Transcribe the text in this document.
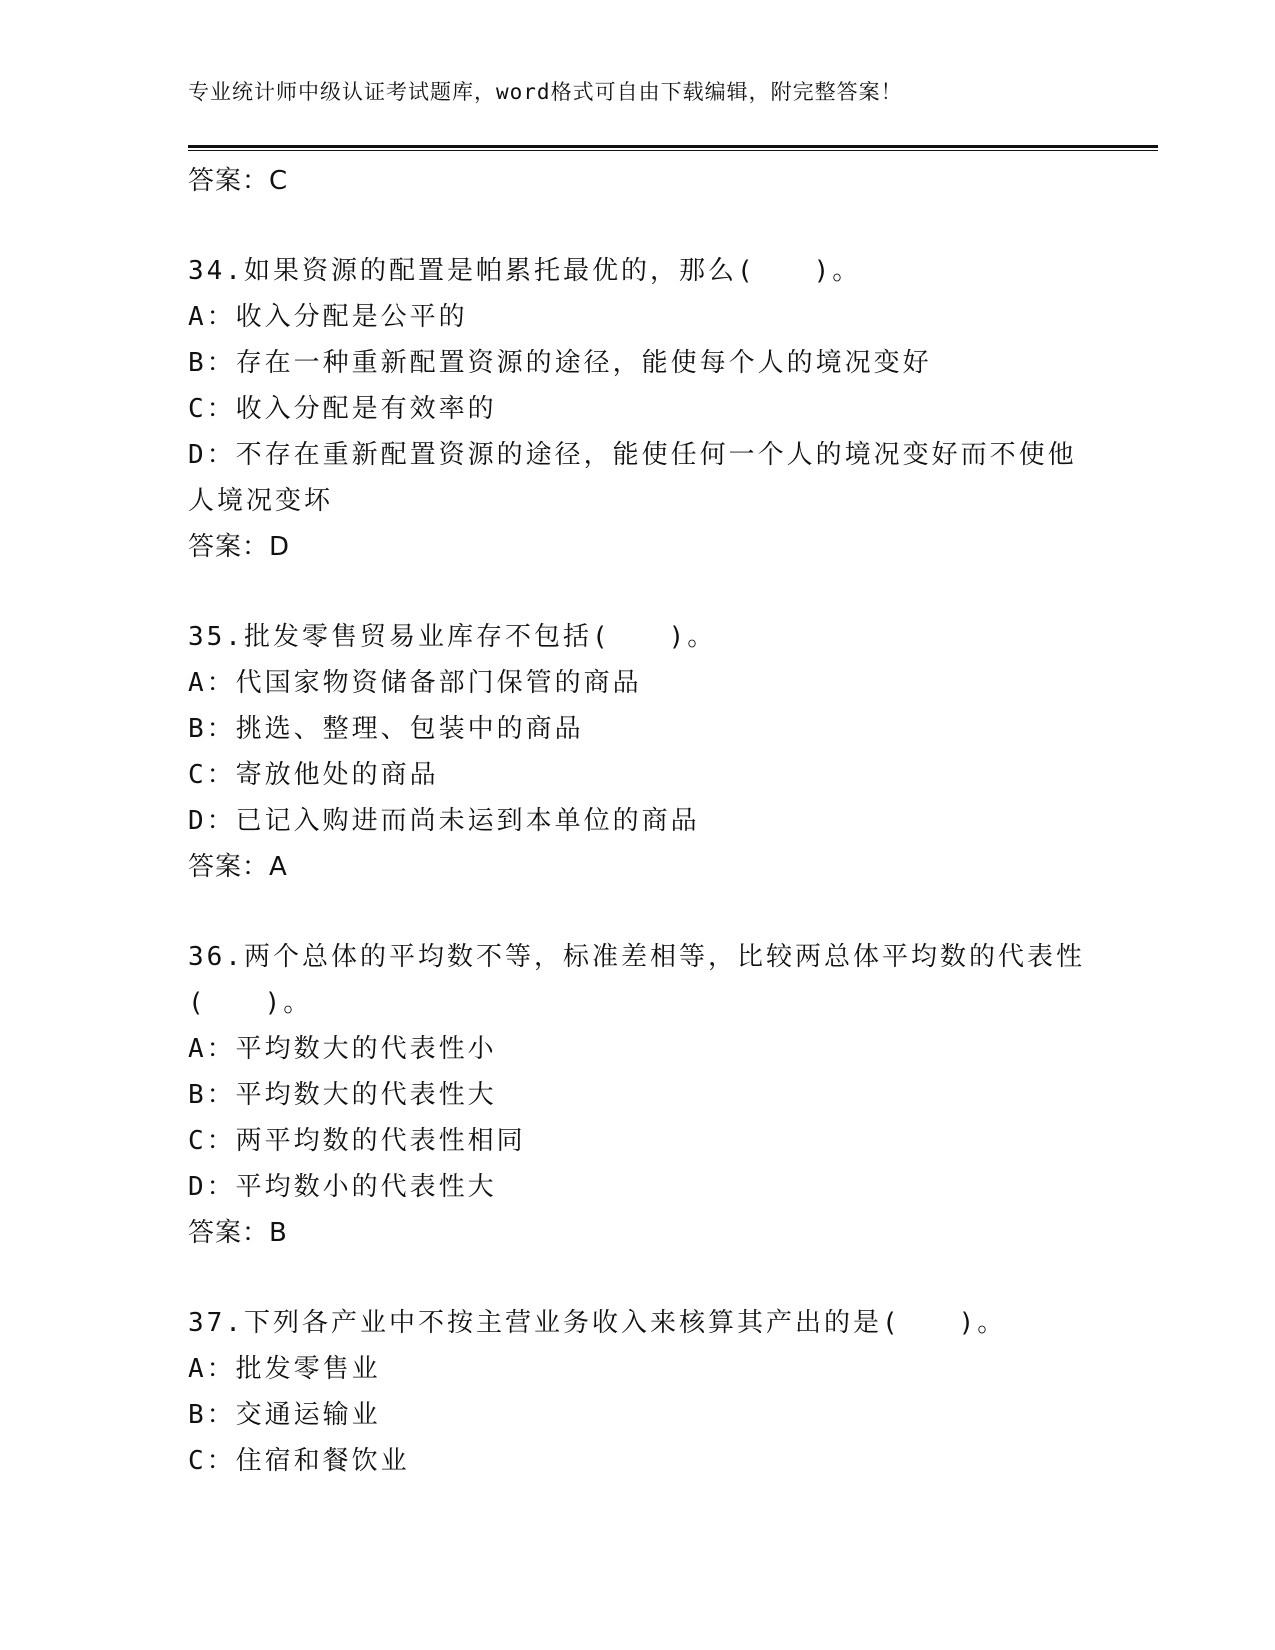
专业统计师中级认证考试题库，word格式可自由下载编辑，附完整答案！
答案：C
34.如果资源的配置是帕累托最优的，那么(　　)。
A：收入分配是公平的
B：存在一种重新配置资源的途径，能使每个人的境况变好
C：收入分配是有效率的
D：不存在重新配置资源的途径，能使任何一个人的境况变好而不使他
人境况变坏
答案：D
35.批发零售贸易业库存不包括(　　)。
A：代国家物资储备部门保管的商品
B：挑选、整理、包装中的商品
C：寄放他处的商品
D：已记入购进而尚未运到本单位的商品
答案：A
36.两个总体的平均数不等，标准差相等，比较两总体平均数的代表性
(　　)。
A：平均数大的代表性小
B：平均数大的代表性大
C：两平均数的代表性相同
D：平均数小的代表性大
答案：B
37.下列各产业中不按主营业务收入来核算其产出的是(　　)。
A：批发零售业
B：交通运输业
C：住宿和餐饮业
